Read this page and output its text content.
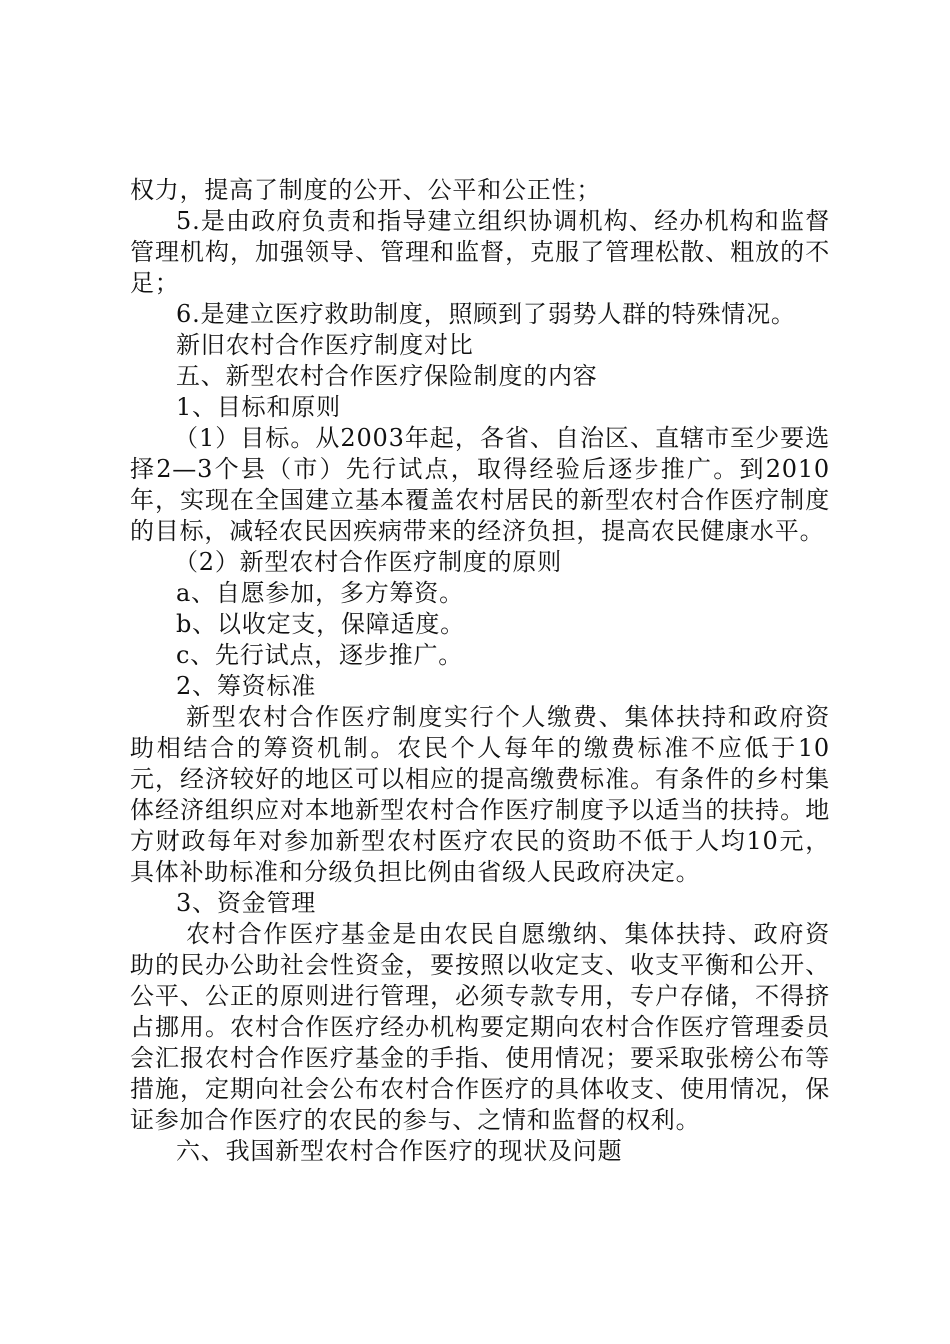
权力，提高了制度的公开、公平和公正性；

5.是由政府负责和指导建立组织协调机构、经办机构和监督管理机构，加强领导、管理和监督，克服了管理松散、粗放的不足；

6.是建立医疗救助制度，照顾到了弱势人群的特殊情况。

新旧农村合作医疗制度对比

五、新型农村合作医疗保险制度的内容

1、目标和原则

（1）目标。从2003年起，各省、自治区、直辖市至少要选择2—3个县（市）先行试点，取得经验后逐步推广。到2010年，实现在全国建立基本覆盖农村居民的新型农村合作医疗制度的目标，减轻农民因疾病带来的经济负担，提高农民健康水平。

（2）新型农村合作医疗制度的原则

a、自愿参加，多方筹资。

b、以收定支，保障适度。

c、先行试点，逐步推广。

2、筹资标准

新型农村合作医疗制度实行个人缴费、集体扶持和政府资助相结合的筹资机制。农民个人每年的缴费标准不应低于10元，经济较好的地区可以相应的提高缴费标准。有条件的乡村集体经济组织应对本地新型农村合作医疗制度予以适当的扶持。地方财政每年对参加新型农村医疗农民的资助不低于人均10元，具体补助标准和分级负担比例由省级人民政府决定。

3、资金管理

农村合作医疗基金是由农民自愿缴纳、集体扶持、政府资助的民办公助社会性资金，要按照以收定支、收支平衡和公开、公平、公正的原则进行管理，必须专款专用，专户存储，不得挤占挪用。农村合作医疗经办机构要定期向农村合作医疗管理委员会汇报农村合作医疗基金的手指、使用情况；要采取张榜公布等措施，定期向社会公布农村合作医疗的具体收支、使用情况，保证参加合作医疗的农民的参与、之情和监督的权利。

六、我国新型农村合作医疗的现状及问题
